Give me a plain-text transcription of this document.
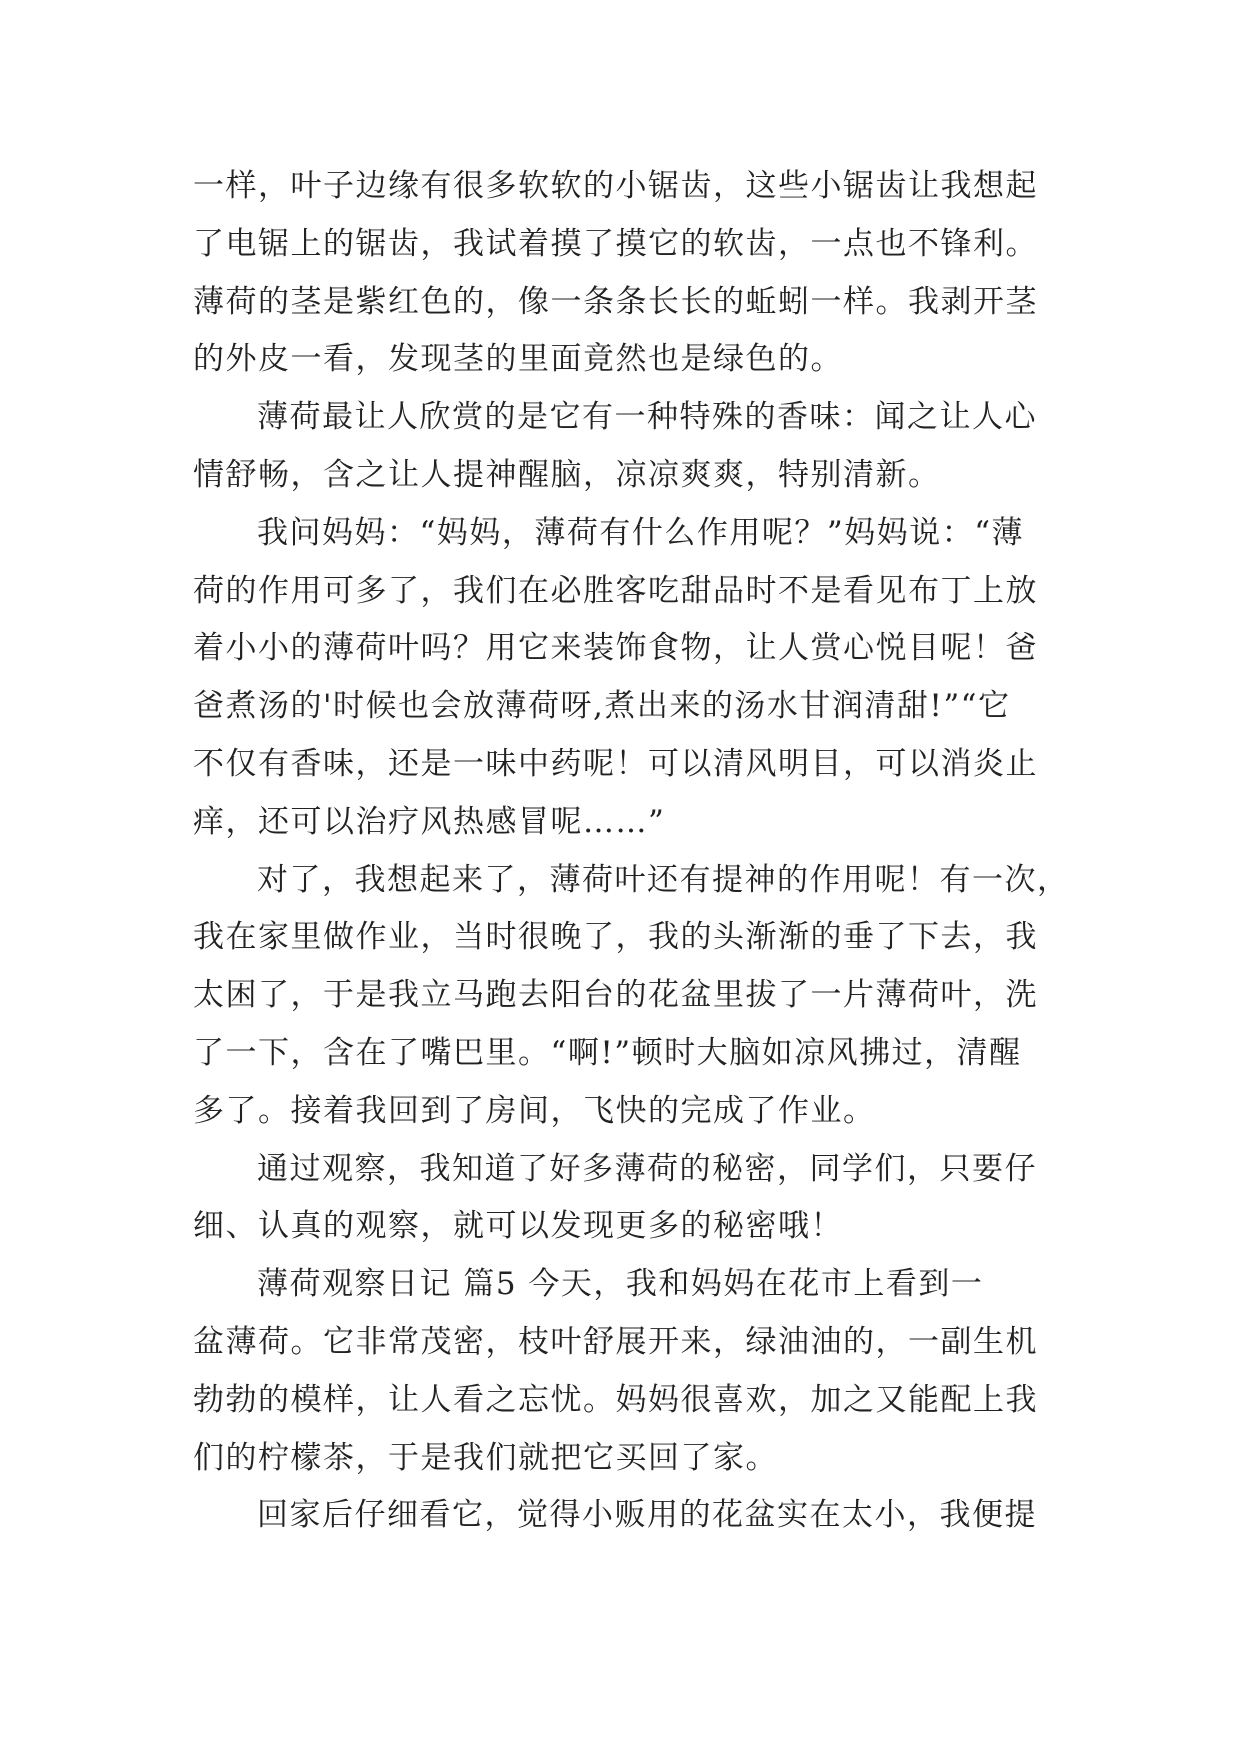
一样，叶子边缘有很多软软的小锯齿，这些小锯齿让我想起
了电锯上的锯齿，我试着摸了摸它的软齿，一点也不锋利。
薄荷的茎是紫红色的，像一条条长长的蚯蚓一样。我剥开茎
的外皮一看，发现茎的里面竟然也是绿色的。
薄荷最让人欣赏的是它有一种特殊的香味：闻之让人心
情舒畅，含之让人提神醒脑，凉凉爽爽，特别清新。
我问妈妈：“妈妈，薄荷有什么作用呢？”妈妈说：“薄
荷的作用可多了，我们在必胜客吃甜品时不是看见布丁上放
着小小的薄荷叶吗？用它来装饰食物，让人赏心悦目呢！爸
爸煮汤的'时候也会放薄荷呀,煮出来的汤水甘润清甜!”“它
不仅有香味，还是一味中药呢！可以清风明目，可以消炎止
痒，还可以治疗风热感冒呢……”
对了，我想起来了，薄荷叶还有提神的作用呢！有一次，
我在家里做作业，当时很晚了，我的头渐渐的垂了下去，我
太困了，于是我立马跑去阳台的花盆里拔了一片薄荷叶，洗
了一下，含在了嘴巴里。“啊!”顿时大脑如凉风拂过，清醒
多了。接着我回到了房间，飞快的完成了作业。
通过观察，我知道了好多薄荷的秘密，同学们，只要仔
细、认真的观察，就可以发现更多的秘密哦！
薄荷观察日记 篇5 今天，我和妈妈在花市上看到一
盆薄荷。它非常茂密，枝叶舒展开来，绿油油的，一副生机
勃勃的模样，让人看之忘忧。妈妈很喜欢，加之又能配上我
们的柠檬茶，于是我们就把它买回了家。
回家后仔细看它，觉得小贩用的花盆实在太小，我便提
